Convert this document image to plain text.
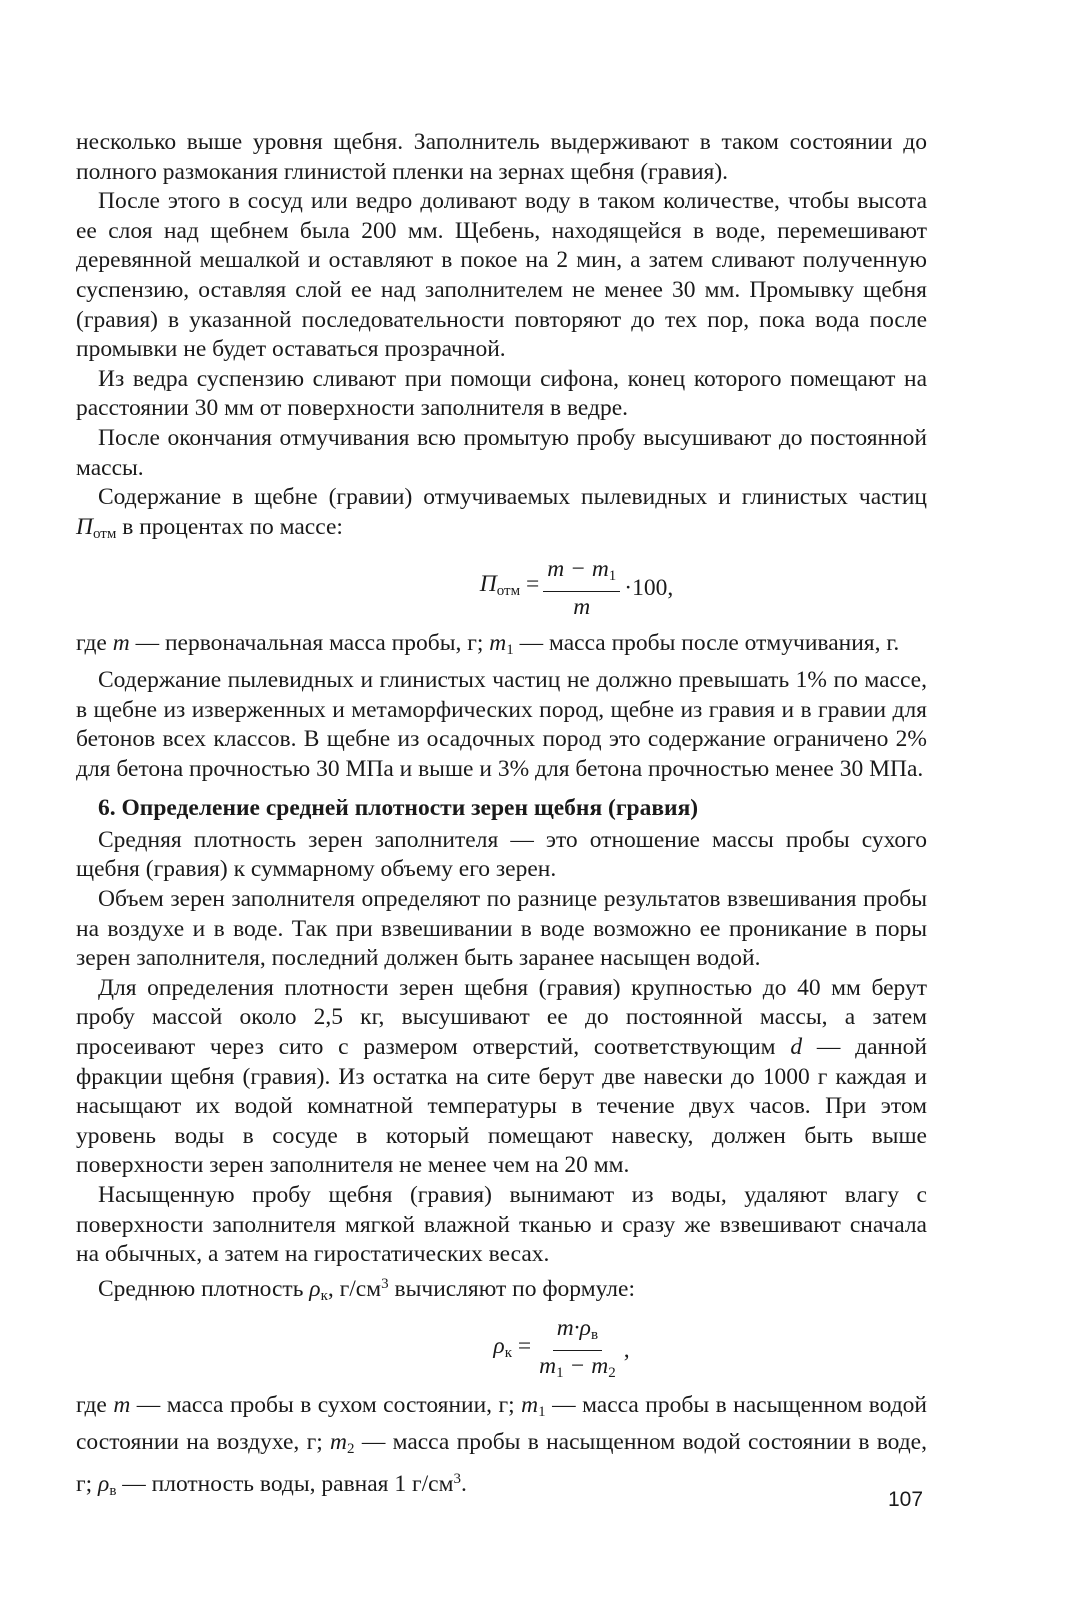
несколько выше уровня щебня. Заполнитель выдерживают в таком состоянии до полного размокания глинистой пленки на зернах щебня (гравия).

После этого в сосуд или ведро доливают воду в таком количестве, чтобы высота ее слоя над щебнем была 200 мм. Щебень, находящейся в воде, перемешивают деревянной мешалкой и оставляют в покое на 2 мин, а затем сливают полученную суспензию, оставляя слой ее над заполнителем не менее 30 мм. Промывку щебня (гравия) в указанной последовательности повторяют до тех пор, пока вода после промывки не будет оставаться прозрачной.

Из ведра суспензию сливают при помощи сифона, конец которого помещают на расстоянии 30 мм от поверхности заполнителя в ведре.

После окончания отмучивания всю промытую пробу высушивают до постоянной массы.

Содержание в щебне (гравии) отмучиваемых пылевидных и глинистых частиц $П_{отм}$ в процентах по массе:

$П_{отм} = \frac{m - m_1}{m} \cdot 100$,

где m — первоначальная масса пробы, г; $m_1$ — масса пробы после отмучивания, г.

Содержание пылевидных и глинистых частиц не должно превышать 1% по массе, в щебне из изверженных и метаморфических пород, щебне из гравия и в гравии для бетонов всех классов. В щебне из осадочных пород это содержание ограничено 2% для бетона прочностью 30 МПа и выше и 3% для бетона прочностью менее 30 МПа.

6. Определение средней плотности зерен щебня (гравия)

Средняя плотность зерен заполнителя — это отношение массы пробы сухого щебня (гравия) к суммарному объему его зерен.

Объем зерен заполнителя определяют по разнице результатов взвешивания пробы на воздухе и в воде. Так при взвешивании в воде возможно ее проникание в поры зерен заполнителя, последний должен быть заранее насыщен водой.

Для определения плотности зерен щебня (гравия) крупностью до 40 мм берут пробу массой около 2,5 кг, высушивают ее до постоянной массы, а затем просеивают через сито с размером отверстий, соответствующим d — данной фракции щебня (гравия). Из остатка на сите берут две навески до 1000 г каждая и насыщают их водой комнатной температуры в течение двух часов. При этом уровень воды в сосуде в который помещают навеску, должен быть выше поверхности зерен заполнителя не менее чем на 20 мм.

Насыщенную пробу щебня (гравия) вынимают из воды, удаляют влагу с поверхности заполнителя мягкой влажной тканью и сразу же взвешивают сначала на обычных, а затем на гиростатических весах.

Среднюю плотность $\rho_к$, $г/см^3$ вычисляют по формуле:

$\rho_к = \frac{m\cdot\rho_в}{m_1 - m_2}$ ,

где m — масса пробы в сухом состоянии, г; $m_1$ — масса пробы в насыщенном водой состоянии на воздухе, г; $m_2$ — масса пробы в насыщенном водой состоянии в воде, г; $\rho_в$ — плотность воды, равная 1 $г/см^3$.

107
